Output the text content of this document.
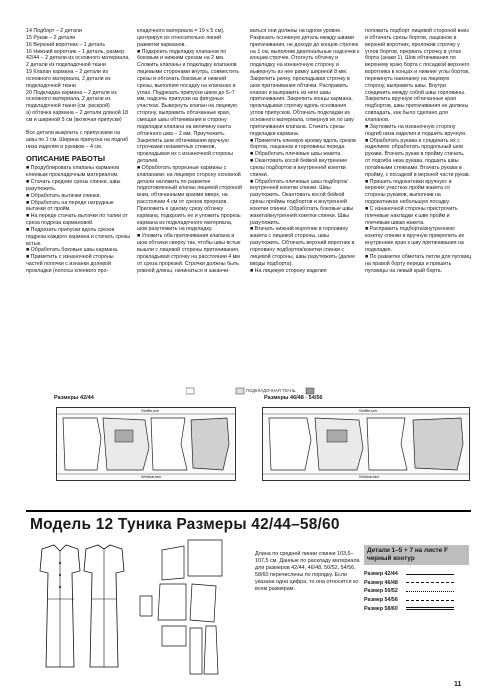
14 Подборт – 2 детали

15 Рукав – 2 детали

16 Верхний воротник – 1 деталь

16 Нижний воротник – 1 деталь, размер 42/44 – 2 детали из основного материала, 2 детали из подкладочной ткани

19 Клапан кармана – 2 детали из основного материала, 2 детали из подкладочной ткани

20 Подкладка кармана – 2 детали из основного материала, 2 детали из подкладочной ткани (см. раскрой)

а) обтачка кармана – 2 детали длиной 18 см и шириной 5 см (включая припуски)

Все детали выкроить с припусками на швы по 1 см. Ширина припуска на подгиб низа изделия и рукавов – 4 см.

ОПИСАНИЕ РАБОТЫ

■ Продублировать клапаны карманов клеевым прокладочным материалом.

■ Стачать средние срезы спинки, швы разутюжить.

■ Обработать вытачки спинки.

■ Обработать на переде нагрудные вытачки от пройм.

■ На переде стачать вытачки по талии от среза подреза кармановой.

■ Подрезать припуски вдоль срезов подреза каждого кармана и стачать срезы встык.

■ Обработать боковые швы кармана.

■ Приметить с изнаночной стороны частей полочки с изнанки долевой прокладки (полосы клеевого про-

кладочного материала = 19 x 5 см), центрируя их относительно линий разметки карманов.

■ Подкроить подкладку клапанов по боковым и нижним срезам на 2 мм. Сложить клапаны и подкладку клапанов лицевыми сторонами внутрь, совместить срезы и обтачать боковые и нижний срезы, выполняя посадку на клапанах в углах. Подрезать припуски швов до 5–7 мм, надсечь припуски на фигурных участках. Вывернуть клапан на лицевую сторону, выправить обтачанные края, смещая швы обтачивания в сторону подкладки клапана на величину канта обтачного шва – 2 мм. Приутюжить. Закрепить шов обтачивания вручную строчками незаметных стежков, прокладывая их с изнаночной стороны деталей.

■ Обработать прорезные карманы с клапанами: на лицевую сторону основной детали наложить по разметке подготовленный клапан лицевой стороной вниз, обтачанными краями вверх, на расстоянии 4 см от срезов прорезов. Приложить к одному срезу обтачку кармана, подкроить ее и уложить прорезь кармана из подкладочного материала, шов разутюжить на подкладку.

■ Уложить оба притачивания клапана и шов обтачки сверху так, чтобы швы встык вышли с лицевой стороны притачивания, прокладывая строчку на расстоянии 4 мм от среза прорезей. Строчки должны быть ровной длины, начинаться и заканчи-

ваться они должны на одном уровне. Разрезать основную деталь между швами притачивания, не доходя до концов строчек на 1 см, выполнив диагональные надсечки к концам строчек. Отогнуть обтачку и подкладку на изнаночную сторону и вывернуть из нее рамку шириной 8 мм. Закрепить рачку, прокладывая строчку в шов притачивания обтачки. Расправить клапан и выправить из него швы притачивания. Закрепить концы кармана, прокладывая строчку вдоль основания углов припусков. Обтачать подкладки из основного материала, отвернув их по шву притачивания клапана. Стачать срезы подкладки кармана.

■ Приметить клеевую кромку вдоль срезов бортов, лацканов и горловины переда.

■ Обработать плечевые швы жакета.

■ Окантовать косой бейкой внутренние срезы подбортов и внутренней кокетки спинки.

■ Обработать плечевые швы подборта/внутренней кокетки спинки. Швы разутюжить. Окантовать косой бейкой срезы проймы подбортов и внутренней кокетки спинки. Обработать боковые швы жакета/внутренней кокетки спинки. Швы разутюжить.

■ Втачать нижний воротник в горловину жакета с лицевой стороны, швы разутюжить. Обтачать верхний воротник в горловину подбортов/кокетки спинки с лицевой стороны, швы разутюжить (далее вводы подборта).

■ На лицевую сторону изделия

положить подборт лицевой стороной вниз и обтачать срезы бортов, лацканов и верхний воротник, проложив строчку у углов бортов, прервать строчку в углах борта (знаки 1). Шов обтачивания по верхнему краю борта с посадкой верхнего воротника в концах и нижние углы бортов, перекинуть наизнанку на лицевую сторону, выправить швы. Внутри соединить между собой швы горловины. Закрепить вручную обтачанные края подбортов, швы притачивания не должны совпадать, как было сделано для клапанов.

■ Заутюжить на изнаночную сторону подгиб низа изделия и подшить вручную.

■ Обработать рукава и соединить их с изделием: обработать продольный шов рукава. Втачать рукав в пройму стачать, от подгиба низа рукава, подшить швы потайными стежками. Втачать рукава в пройму, с посадкой в верхней части рукав.

■ Пришить подокатники вручную: в верхних участках пройм жакета со стороны рукавов, выполнив на подокатниках небольшую посадку.

■ С изнаночной стороны пристрочить плечевые накладки к шве пройм и плечевым швам жакета.

■ Расправить подборта/внутреннюю кокетку спинки и вручную прикрепить их внутренние края к шву притачивания на подкладке.

■ По разметке обметать петли для пуговиц на правой борту переда и пришить пуговицы на левый край борта.

ПОДКЛАДОЧНАЯ ТКАНЬ
Размеры 42/44	Размеры 46/48 · 54/56
Stoffbruch
Webkanten
Stoffbruch
Webkanten
Модель 12 Туника Размеры 42/44–58/60
Длина по средней линии спинки 103,5–107,5 см. Данные по раскладу материала для размеров 42/44, 46/48, 50/52, 54/56, 58/60 перечислены по порядку. Если указана одна цифра, то она относится ко всем размерам.
Детали 1–5 + 7 на листе F черный контур
Размер 42/44
Размер 46/48
Размер 50/52
Размер 54/56
Размер 58/60
11
